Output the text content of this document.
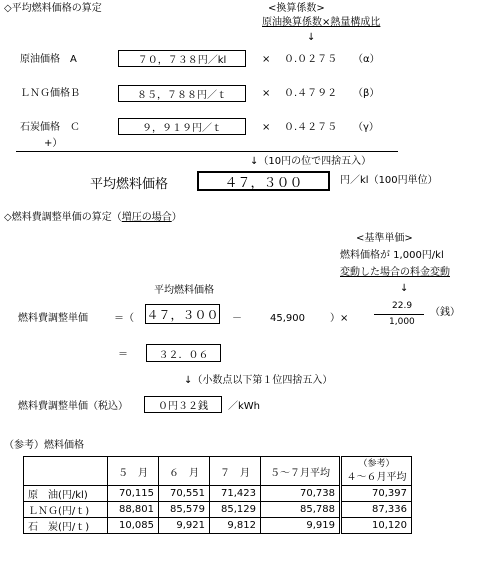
◇平均燃料価格の算定	<換算係数>
原油換算係数×熱量構成比
↓
原油価格　A	７０，７３８円／kl	× ０.０２７５ （α）
ＬＮＧ価格Ｂ	８５，７８８円／ｔ	× ０.４７９２ （β）
石炭価格　Ｃ	９，９１９円／ｔ	× ０.４２７５ （γ）
+）
↓（10円の位で四捨五入）
平均燃料価格	４７，３００	円／kl（100円単位）
◇燃料費調整単価の算定（増圧の場合）
<基準単価>
燃料価格が 1,000円/kl
変動した場合の料金変動
↓
平均燃料価格
燃料費調整単価	＝（ ４７，３００ －	45,900	）×
22.9
1,000
（銭）
＝	３２．０６
↓（小数点以下第１位四捨五入）
燃料費調整単価（税込）	０円３２銭 ／kWh
（参考）燃料価格
	５　月	６　月	７　月	５～７月平均	（参考）
４～６月平均
原　油(円/kl)	70,115	70,551	71,423	70,738	70,397
ＬＮＧ(円/ｔ)	88,801	85,579	85,129	85,788	87,336
石　炭(円/ｔ)	10,085	9,921	9,812	9,919	10,120
